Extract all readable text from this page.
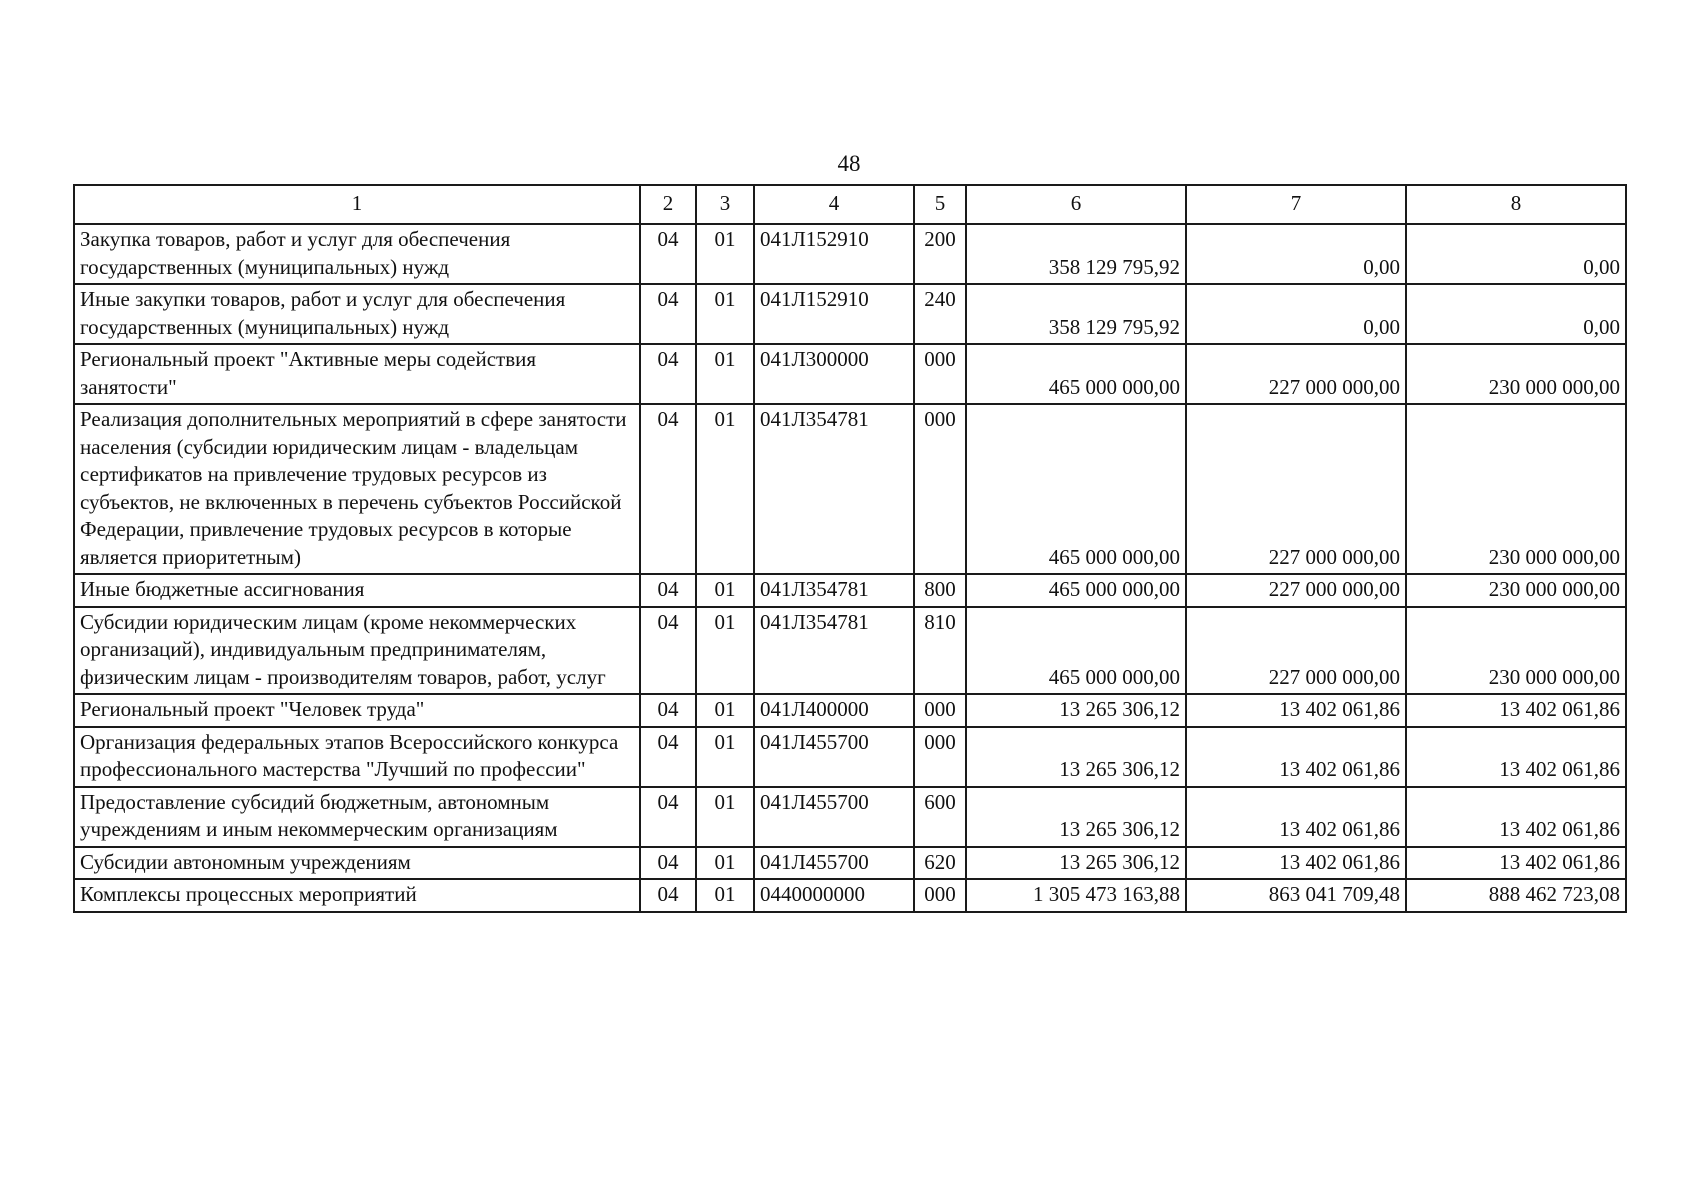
48
1	2	3	4	5	6	7	8
Закупка товаров, работ и услуг для обеспечения государственных (муниципальных) нужд	04	01	041Л152910	200	358 129 795,92	0,00	0,00
Иные закупки товаров, работ и услуг для обеспечения государственных (муниципальных) нужд	04	01	041Л152910	240	358 129 795,92	0,00	0,00
Региональный проект "Активные меры содействия занятости"	04	01	041Л300000	000	465 000 000,00	227 000 000,00	230 000 000,00
Реализация дополнительных мероприятий в сфере занятости населения (субсидии юридическим лицам - владельцам сертификатов на привлечение трудовых ресурсов из субъектов, не включенных в перечень субъектов Российской Федерации, привлечение трудовых ресурсов в которые является приоритетным)	04	01	041Л354781	000	465 000 000,00	227 000 000,00	230 000 000,00
Иные бюджетные ассигнования	04	01	041Л354781	800	465 000 000,00	227 000 000,00	230 000 000,00
Субсидии юридическим лицам (кроме некоммерческих организаций), индивидуальным предпринимателям, физическим лицам - производителям товаров, работ, услуг	04	01	041Л354781	810	465 000 000,00	227 000 000,00	230 000 000,00
Региональный проект "Человек труда"	04	01	041Л400000	000	13 265 306,12	13 402 061,86	13 402 061,86
Организация федеральных этапов Всероссийского конкурса профессионального мастерства "Лучший по профессии"	04	01	041Л455700	000	13 265 306,12	13 402 061,86	13 402 061,86
Предоставление субсидий бюджетным, автономным учреждениям и иным некоммерческим организациям	04	01	041Л455700	600	13 265 306,12	13 402 061,86	13 402 061,86
Субсидии автономным учреждениям	04	01	041Л455700	620	13 265 306,12	13 402 061,86	13 402 061,86
Комплексы процессных мероприятий	04	01	0440000000	000	1 305 473 163,88	863 041 709,48	888 462 723,08
